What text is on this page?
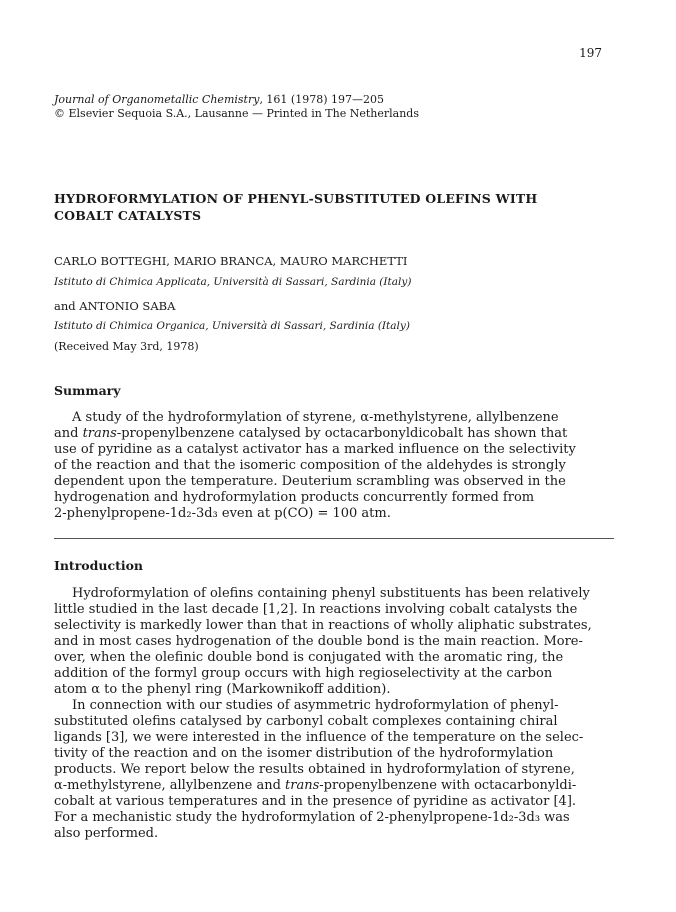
197
Journal of Organometallic Chemistry, 161 (1978) 197—205
© Elsevier Sequoia S.A., Lausanne — Printed in The Netherlands
HYDROFORMYLATION OF PHENYL-SUBSTITUTED OLEFINS WITH
COBALT CATALYSTS
CARLO BOTTEGHI, MARIO BRANCA, MAURO MARCHETTI
Istituto di Chimica Applicata, Università di Sassari, Sardinia (Italy)
and ANTONIO SABA
Istituto di Chimica Organica, Università di Sassari, Sardinia (Italy)
(Received May 3rd, 1978)
Summary
A study of the hydroformylation of styrene, α-methylstyrene, allylbenzene
and trans-propenylbenzene catalysed by octacarbonyldicobalt has shown that
use of pyridine as a catalyst activator has a marked influence on the selectivity
of the reaction and that the isomeric composition of the aldehydes is strongly
dependent upon the temperature. Deuterium scrambling was observed in the
hydrogenation and hydroformylation products concurrently formed from
2-phenylpropene-1d₂-3d₃ even at p(CO) = 100 atm.
Introduction
Hydroformylation of olefins containing phenyl substituents has been relatively
little studied in the last decade [1,2]. In reactions involving cobalt catalysts the
selectivity is markedly lower than that in reactions of wholly aliphatic substrates,
and in most cases hydrogenation of the double bond is the main reaction. More-
over, when the olefinic double bond is conjugated with the aromatic ring, the
addition of the formyl group occurs with high regioselectivity at the carbon
atom α to the phenyl ring (Markownikoff addition).
In connection with our studies of asymmetric hydroformylation of phenyl-
substituted olefins catalysed by carbonyl cobalt complexes containing chiral
ligands [3], we were interested in the influence of the temperature on the selec-
tivity of the reaction and on the isomer distribution of the hydroformylation
products. We report below the results obtained in hydroformylation of styrene,
α-methylstyrene, allylbenzene and trans-propenylbenzene with octacarbonyldi-
cobalt at various temperatures and in the presence of pyridine as activator [4].
For a mechanistic study the hydroformylation of 2-phenylpropene-1d₂-3d₃ was
also performed.
